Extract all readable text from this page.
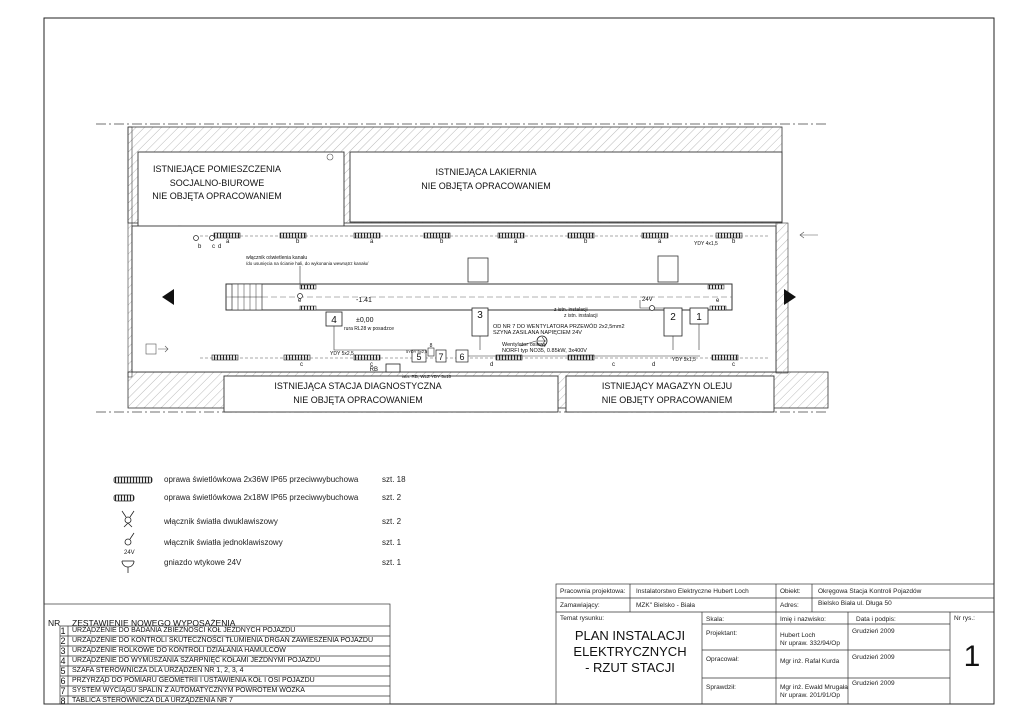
ISTNIEJĄCE POMIESZCZENIA
SOCJALNO-BIUROWE
NIE OBJĘTA OPRACOWANIEM
ISTNIEJĄCA LAKIERNIA
NIE OBJĘTA OPRACOWANIEM
ISTNIEJĄCA STACJA DIAGNOSTYCZNA
NIE OBJĘTA OPRACOWANIEM
ISTNIEJĄCY MAGAZYN OLEJU
NIE OBJĘTY OPRACOWANIEM
4	3	2 1
5 7 6
8
RB
istn. RB, WLZ YDY 5x10
włącznik oświetlenia kanału
/do usunięcia na ścianie hali, do wykonania wewnątrz kanału/
-1.41
±0,00
rura RL28 w posadzce	OD NR 7 DO WENTYLATORA PRZEWÓD 2x2,5mm2
SZYNA ZASILANA NAPIĘCIEM 24V
z istn. instalacji
z istn. instalacji
Wentylator osiowy
NORFI typ NO35, 0.85kW, 3x400V
YDY 4x1,5
YDY 5x2,5
YDY 5x1,5
5YDY 5x2,5
24V
a	b	a	b	a	b	a	b
b c d
e	e
c	c	d	c	d	c
oprawa świetlówkowa 2x36W IP65 przeciwwybuchowa	szt. 18
oprawa świetlówkowa 2x18W IP65 przeciwwybuchowa	szt. 2
włącznik światła dwuklawiszowy	szt. 2
włącznik światła jednoklawiszowy	szt. 1
gniazdo wtykowe 24V	szt. 1
24V
NR ZESTAWIENIE NOWEGO WYPOSAŻENIA
1 URZĄDZENIE DO BADANIA ZBIEŻNOŚCI KÓŁ JEZDNYCH POJAZDU
2 URZĄDZENIE DO KONTROLI SKUTECZNOŚCI TŁUMIENIA DRGAŃ ZAWIESZENIA POJAZDU
3 URZĄDZENIE ROLKOWE DO KONTROLI DZIAŁANIA HAMULCÓW
4 URZĄDZENIE DO WYMUSZANIA SZARPNIĘĆ KOŁAMI JEZDNYMI POJAZDU
5 SZAFA STEROWNICZA DLA URZĄDZEŃ NR 1, 2, 3, 4
6 PRZYRZĄD DO POMIARU GEOMETRII I USTAWIENIA KÓŁ I OSI POJAZDU
7 SYSTEM WYCIĄGU SPALIN Z AUTOMATYCZNYM POWROTEM WÓZKA
8 TABLICA STEROWNICZA DLA URZĄDZENIA NR 7
Pracownia projektowa: Instalatorstwo Elektryczne Hubert Loch	Obiekt:	Okręgowa Stacja Kontroli Pojazdów
Zamawiający:	MZK" Bielsko - Biała	Adres:	Bielsko Biała ul. Długa 50
Temat rysunku:
PLAN INSTALACJI
ELEKTRYCZNYCH
- RZUT STACJI
Skala:	Imię i nazwisko:	Data i podpis:	Nr rys.:
Projektant:	Hubert Loch
Nr upraw. 332/94/Op
Grudzień 2009
Opracował:	Mgr inż. Rafał Kurda
Grudzień 2009
Sprawdził:	Mgr inż. Ewald Mrugała
Nr upraw. 201/91/Op
Grudzień 2009
1
